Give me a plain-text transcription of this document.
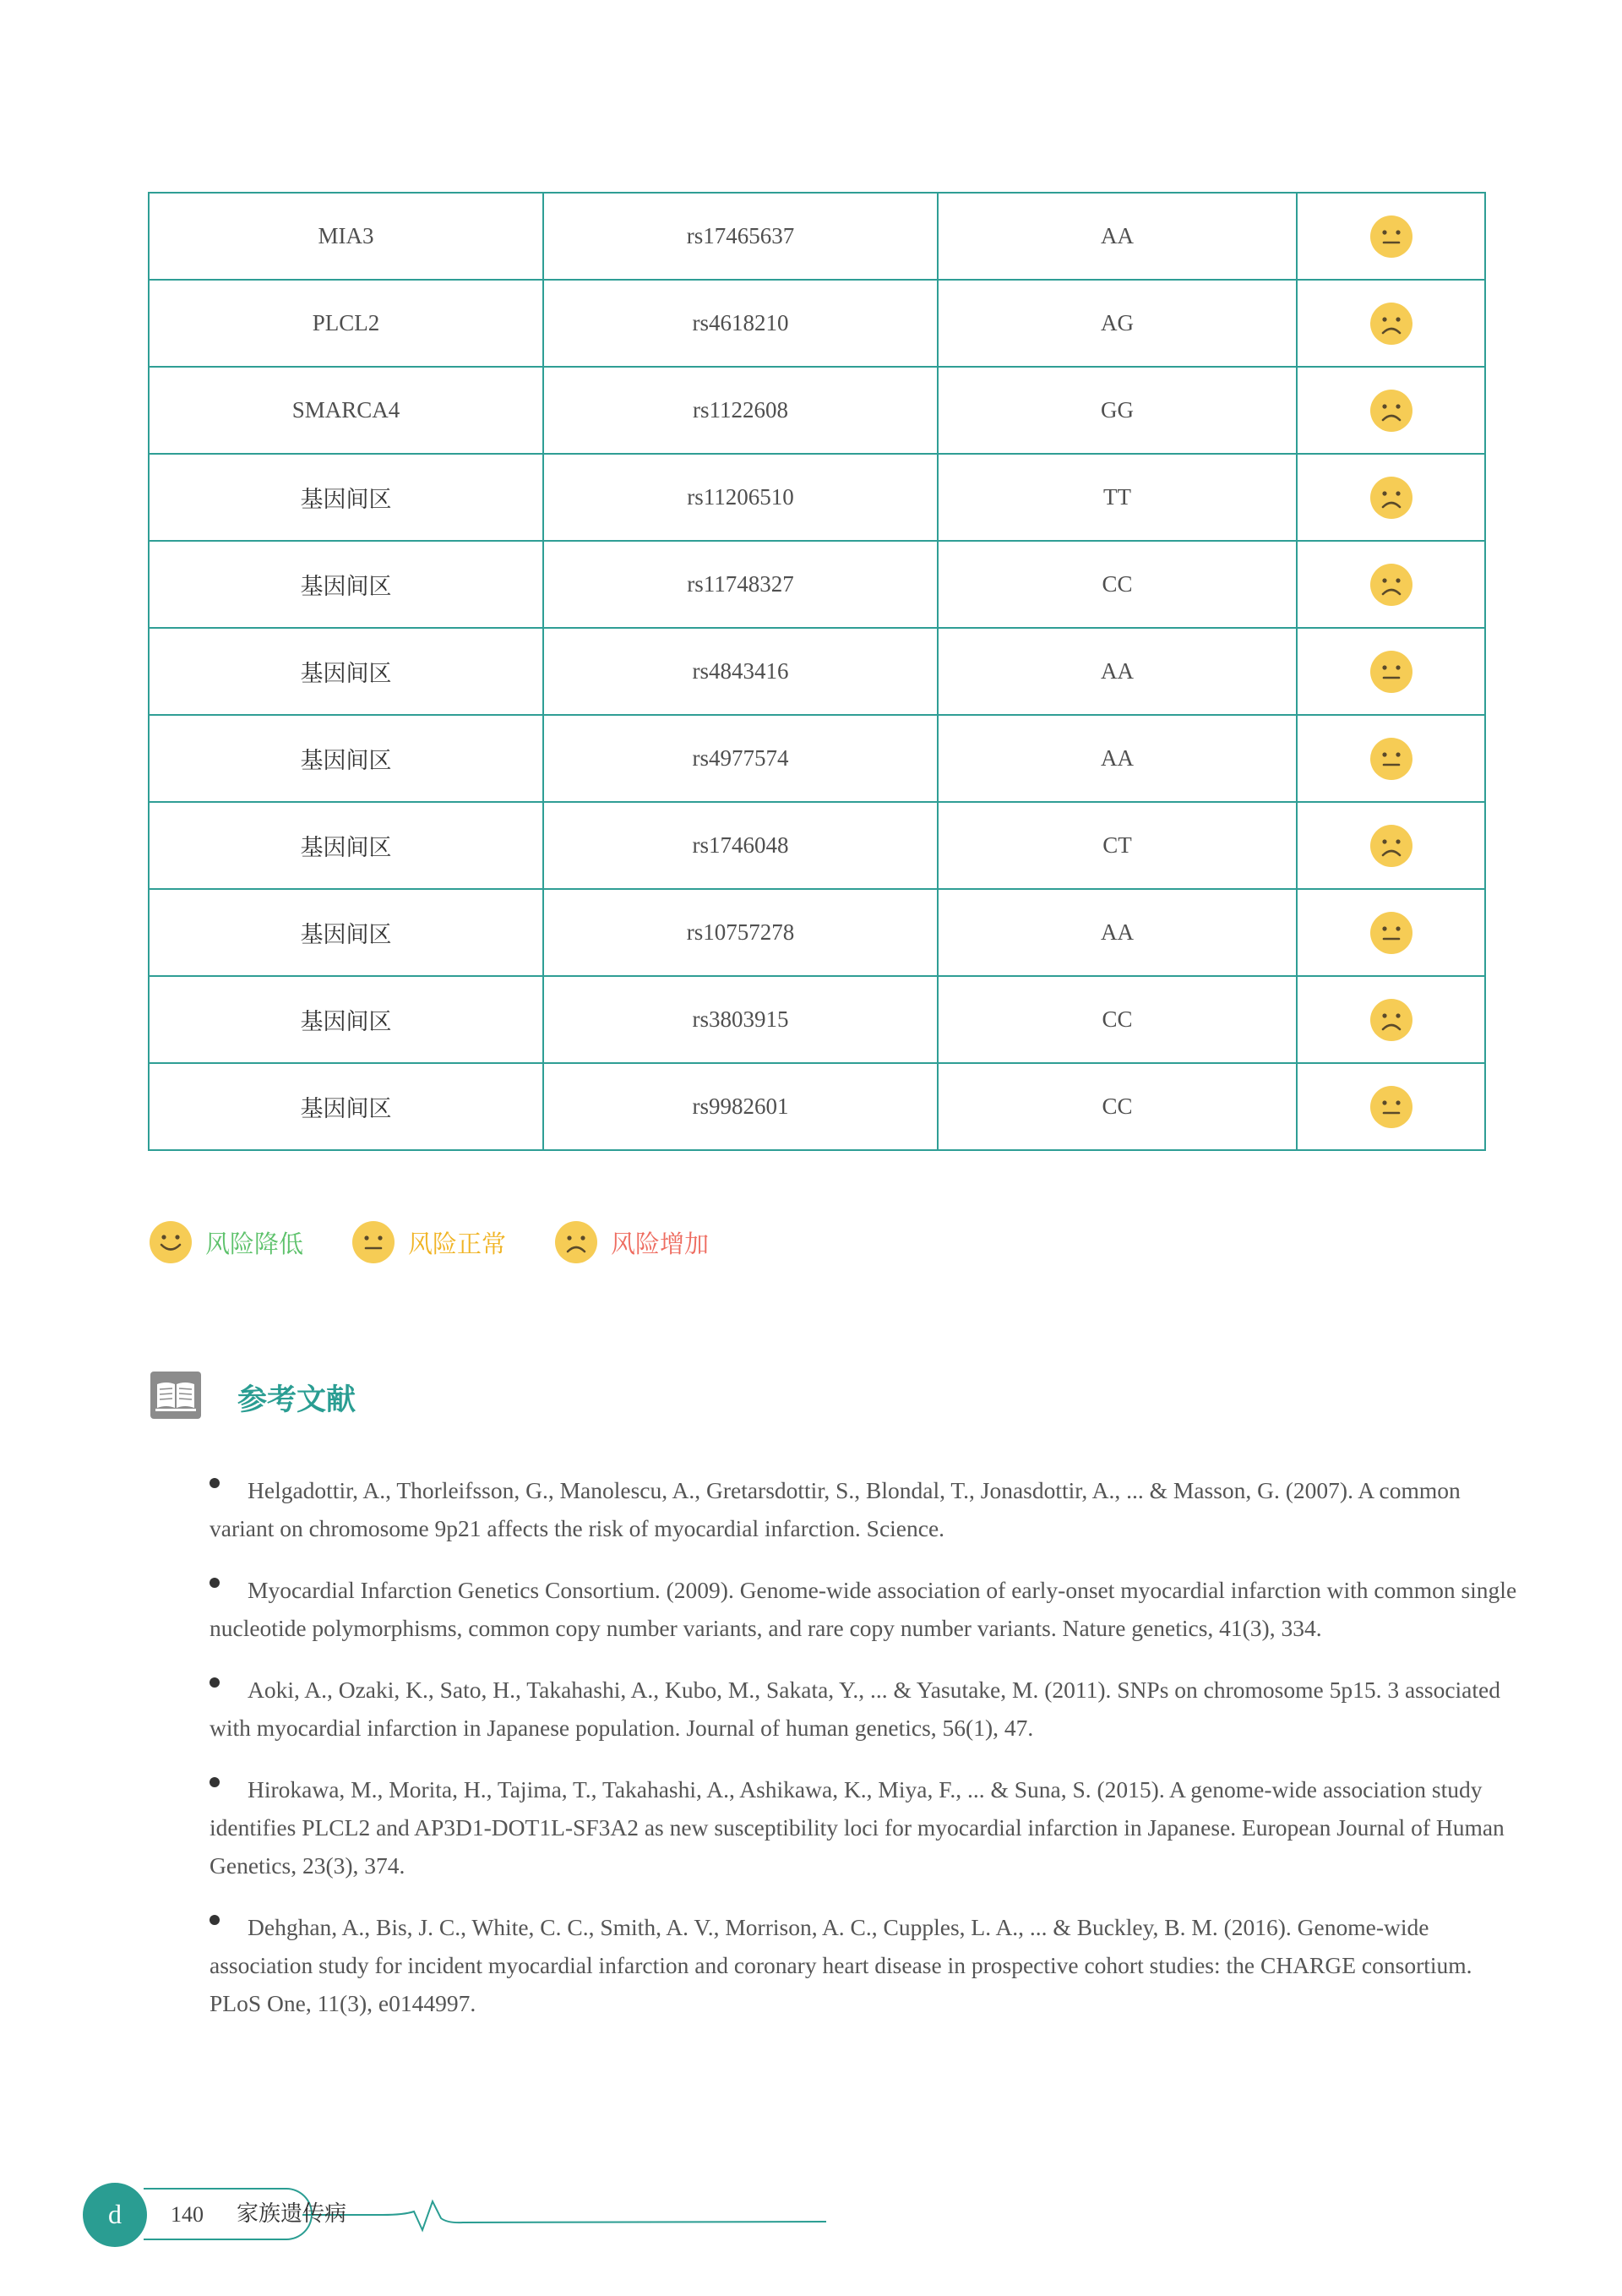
MIA3	rs17465637	AA	

PLCL2	rs4618210	AG	

SMARCA4	rs1122608	GG	

基因间区	rs11206510	TT	

基因间区	rs11748327	CC	

基因间区	rs4843416	AA	

基因间区	rs4977574	AA	

基因间区	rs1746048	CT	

基因间区	rs10757278	AA	

基因间区	rs3803915	CC	

基因间区	rs9982601	CC	
风险降低	风险正常	风险增加
参考文献
Helgadottir, A., Thorleifsson, G., Manolescu, A., Gretarsdottir, S., Blondal, T., Jonasdottir, A., ... & Masson, G. (2007). A common variant on chromosome 9p21 affects the risk of myocardial infarction. Science.
Myocardial Infarction Genetics Consortium. (2009). Genome-wide association of early-onset myocardial infarction with common single nucleotide polymorphisms, common copy number variants, and rare copy number variants. Nature genetics, 41(3), 334.
Aoki, A., Ozaki, K., Sato, H., Takahashi, A., Kubo, M., Sakata, Y., ... & Yasutake, M. (2011). SNPs on chromosome 5p15. 3 associated with myocardial infarction in Japanese population. Journal of human genetics, 56(1), 47.
Hirokawa, M., Morita, H., Tajima, T., Takahashi, A., Ashikawa, K., Miya, F., ... & Suna, S. (2015). A genome-wide association study identifies PLCL2 and AP3D1-DOT1L-SF3A2 as new susceptibility loci for myocardial infarction in Japanese. European Journal of Human Genetics, 23(3), 374.
Dehghan, A., Bis, J. C., White, C. C., Smith, A. V., Morrison, A. C., Cupples, L. A., ... & Buckley, B. M. (2016). Genome-wide association study for incident myocardial infarction and coronary heart disease in prospective cohort studies: the CHARGE consortium. PLoS One, 11(3), e0144997.
140
d	家族遗传病
